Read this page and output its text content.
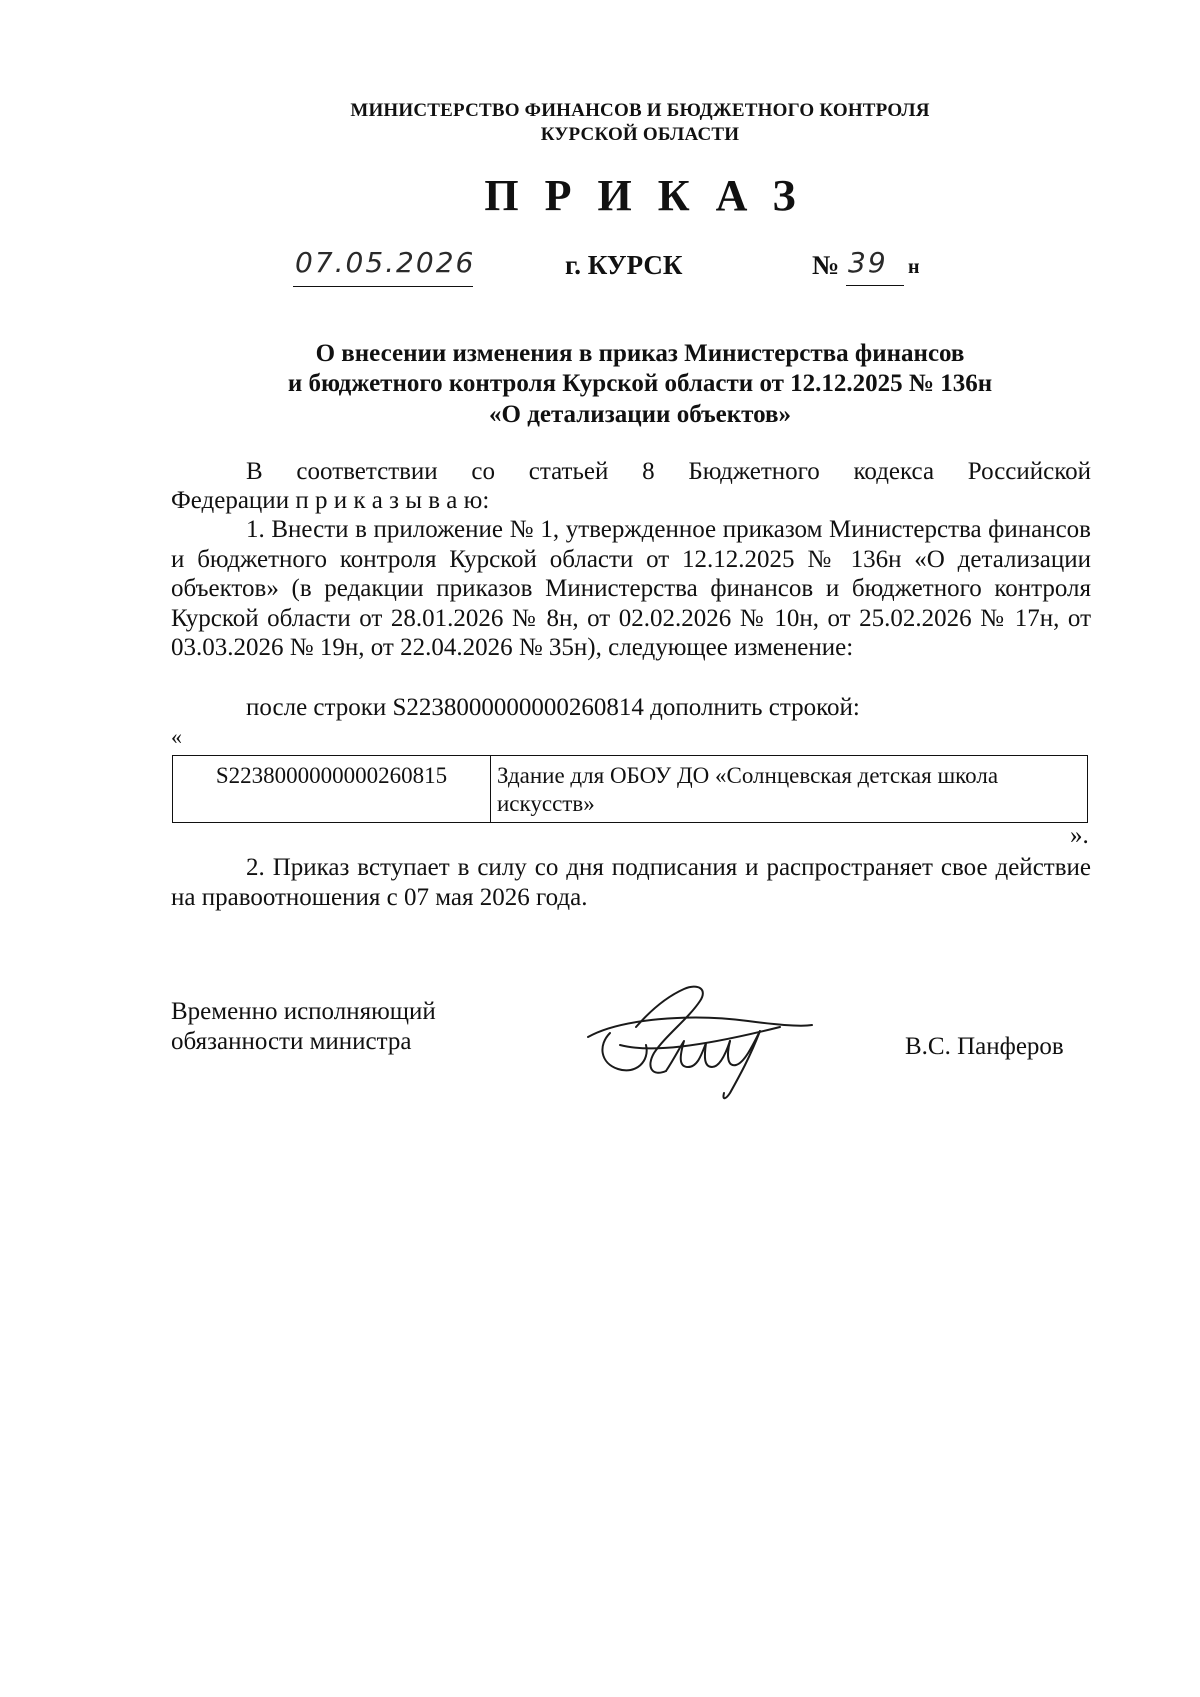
МИНИСТЕРСТВО ФИНАНСОВ И БЮДЖЕТНОГО КОНТРОЛЯ
КУРСКОЙ ОБЛАСТИ
ПРИКАЗ
07.05.2026	г. КУРСК	№ 39 н
О внесении изменения в приказ Министерства финансов
и бюджетного контроля Курской области от 12.12.2025 № 136н
«О детализации объектов»
В соответствии со статьей 8 Бюджетного кодекса Российской
Федерации п р и к а з ы в а ю:
1. Внести в приложение № 1, утвержденное приказом Министерства финансов и бюджетного контроля Курской области от 12.12.2025 № 136н «О детализации объектов» (в редакции приказов Министерства финансов и бюджетного контроля Курской области от 28.01.2026 № 8н, от 02.02.2026 № 10н, от 25.02.2026 № 17н, от 03.03.2026 № 19н, от 22.04.2026 № 35н), следующее изменение:
после строки S2238000000000260814 дополнить строкой:
«
S2238000000000260815	Здание для ОБОУ ДО «Солнцевская детская школа искусств»
».
2. Приказ вступает в силу со дня подписания и распространяет свое действие на правоотношения с 07 мая 2026 года.
Временно исполняющий
обязанности министра	В.С. Панферов
